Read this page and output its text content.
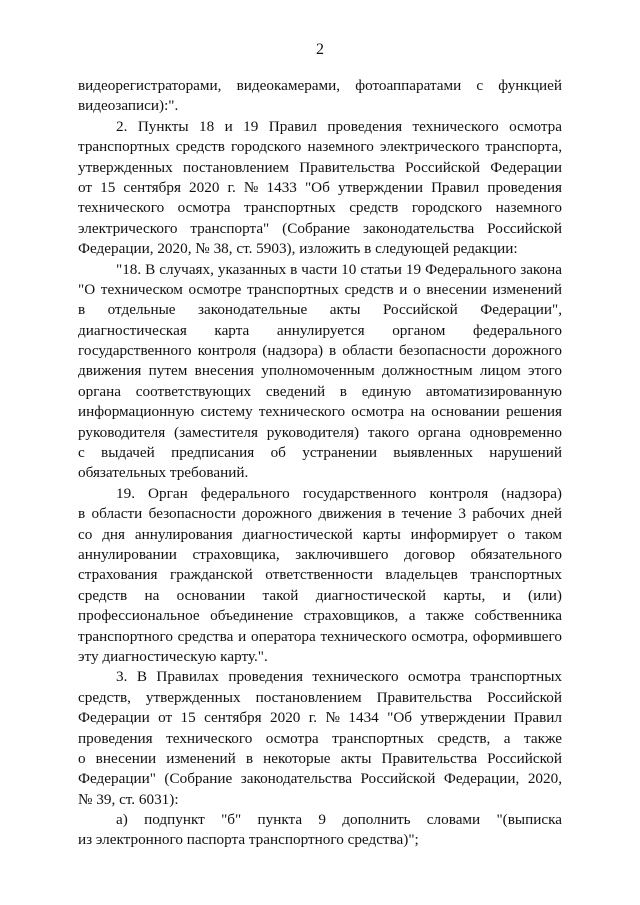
2
видеорегистраторами, видеокамерами, фотоаппаратами с функцией
видеозаписи):".
2. Пункты 18 и 19 Правил проведения технического осмотра
транспортных средств городского наземного электрического транспорта,
утвержденных постановлением Правительства Российской Федерации
от 15 сентября 2020 г. № 1433 "Об утверждении Правил проведения
технического осмотра транспортных средств городского наземного
электрического транспорта" (Собрание законодательства Российской
Федерации, 2020, № 38, ст. 5903), изложить в следующей редакции:
"18. В случаях, указанных в части 10 статьи 19 Федерального закона
"О техническом осмотре транспортных средств и о внесении изменений
в отдельные законодательные акты Российской Федерации",
диагностическая карта аннулируется органом федерального
государственного контроля (надзора) в области безопасности дорожного
движения путем внесения уполномоченным должностным лицом этого
органа соответствующих сведений в единую автоматизированную
информационную систему технического осмотра на основании решения
руководителя (заместителя руководителя) такого органа одновременно
с выдачей предписания об устранении выявленных нарушений
обязательных требований.
19. Орган федерального государственного контроля (надзора)
в области безопасности дорожного движения в течение 3 рабочих дней
со дня аннулирования диагностической карты информирует о таком
аннулировании страховщика, заключившего договор обязательного
страхования гражданской ответственности владельцев транспортных
средств на основании такой диагностической карты, и (или)
профессиональное объединение страховщиков, а также собственника
транспортного средства и оператора технического осмотра, оформившего
эту диагностическую карту.".
3. В Правилах проведения технического осмотра транспортных
средств, утвержденных постановлением Правительства Российской
Федерации от 15 сентября 2020 г. № 1434 "Об утверждении Правил
проведения технического осмотра транспортных средств, а также
о внесении изменений в некоторые акты Правительства Российской
Федерации" (Собрание законодательства Российской Федерации, 2020,
№ 39, ст. 6031):
а) подпункт "б" пункта 9 дополнить словами "(выписка
из электронного паспорта транспортного средства)";
